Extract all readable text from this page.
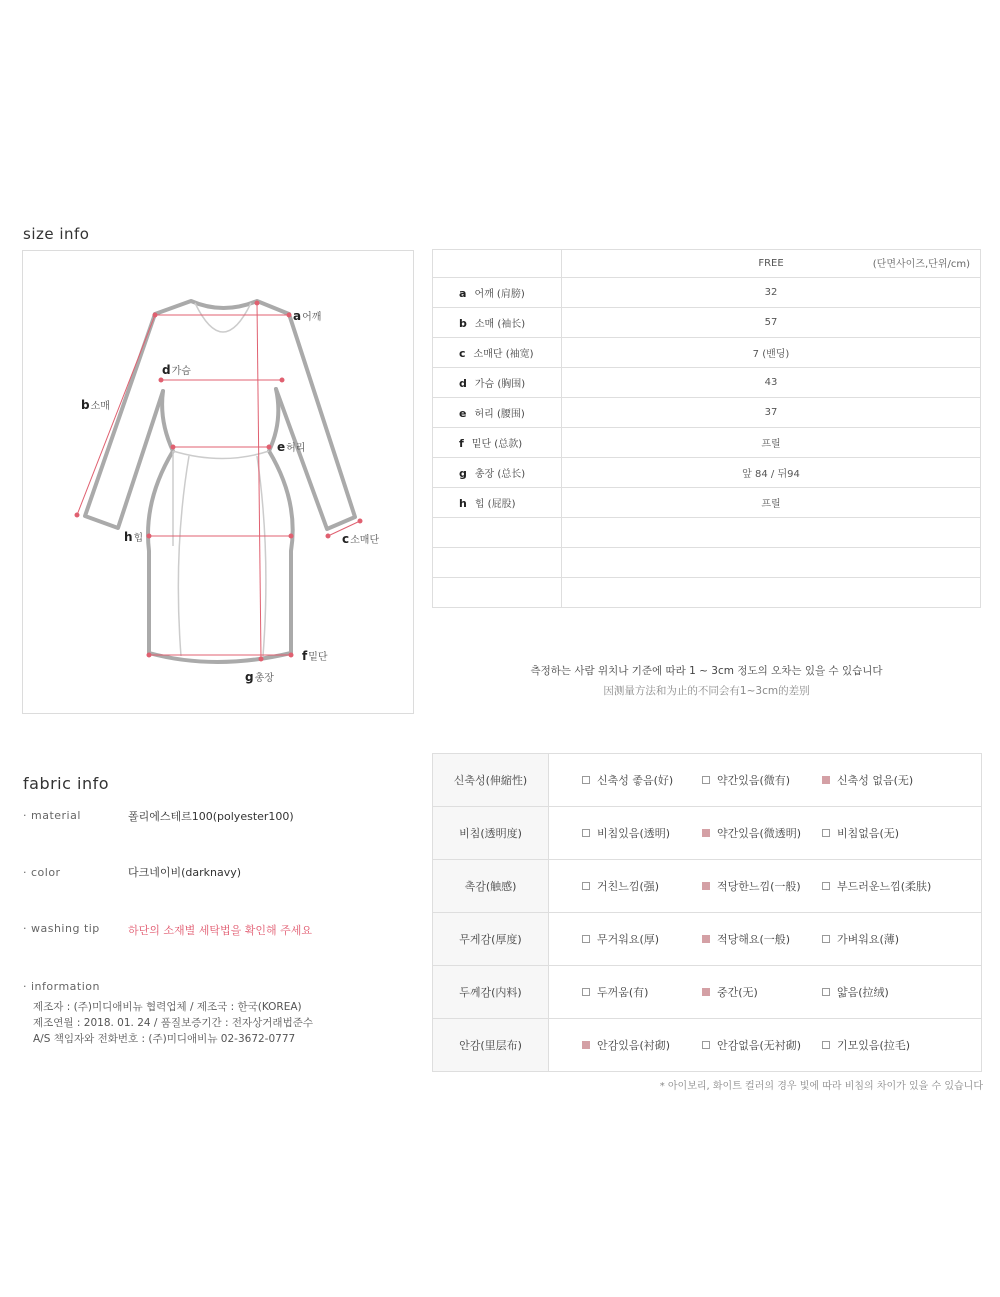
size info
a어깨
b소매
c소매단
d가슴
e허리
f밑단
g총장
h힙
	FREE (단면사이즈,단위/cm)

a 어깨 (肩膀)	32
b 소매 (袖长)	57
c 소매단 (袖宽)	7 (밴딩)
d 가슴 (胸围)	43
e 허리 (腰围)	37
f 밑단 (总款)	프릴
g 총장 (总长)	앞 84 / 뒤94
h 힙 (屁股)	프릴

측정하는 사람 위치나 기준에 따라 1 ~ 3cm 정도의 오차는 있을 수 있습니다
因测量方法和为止的不同会有1~3cm的差别
fabric info
· material	폴리에스테르100(polyester100)
· color	다크네이비(darknavy)
· washing tip	하단의 소재별 세탁법을 확인해 주세요
· information
제조자 : (주)미디애비뉴 협력업체 / 제조국 : 한국(KOREA)
제조연월 : 2018. 01. 24 / 품질보증기간 : 전자상거래법준수
A/S 책임자와 전화번호 : (주)미디애비뉴 02-3672-0777
신축성(伸縮性)	신축성 좋음(好) 약간있음(微有) 신축성 없음(无)

비침(透明度)	비침있음(透明) 약간있음(微透明) 비침없음(无)

촉감(触感)	거친느낌(强) 적당한느낌(一般) 부드러운느낌(柔肤)

무게감(厚度)	무거워요(厚) 적당해요(一般) 가벼워요(薄)

두께감(内料)	두꺼움(有) 중간(无) 얇음(拉绒)

안감(里层布)	안감있음(衬砌) 안감없음(无衬砌) 기모있음(拉毛)
* 아이보리, 화이트 컬러의 경우 빛에 따라 비침의 차이가 있을 수 있습니다
